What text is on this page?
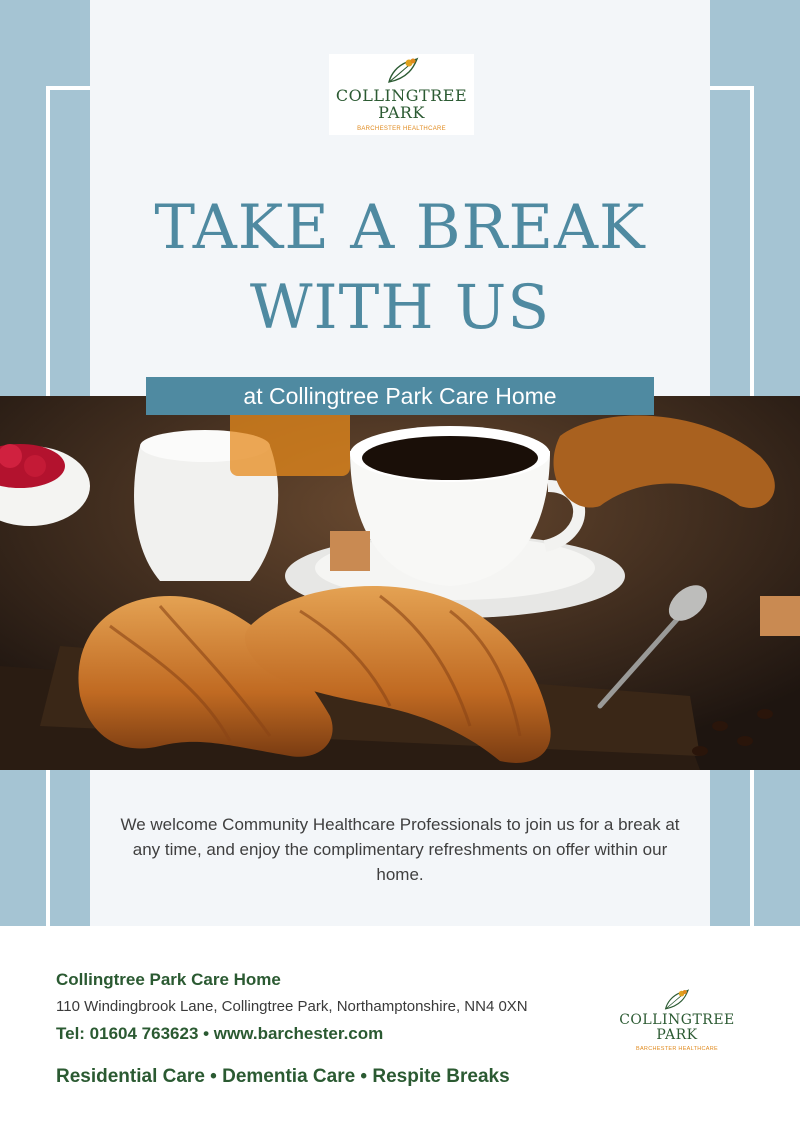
COLLINGTREE
PARK
BARCHESTER HEALTHCARE
TAKE A BREAK
WITH US
at Collingtree Park Care Home
We welcome Community Healthcare Professionals to join us for a break at any time, and enjoy the complimentary refreshments on offer within our home.
Collingtree Park Care Home
110 Windingbrook Lane, Collingtree Park, Northamptonshire, NN4 0XN
Tel: 01604 763623 • www.barchester.com
Residential Care • Dementia Care • Respite Breaks
COLLINGTREE
PARK
BARCHESTER HEALTHCARE
